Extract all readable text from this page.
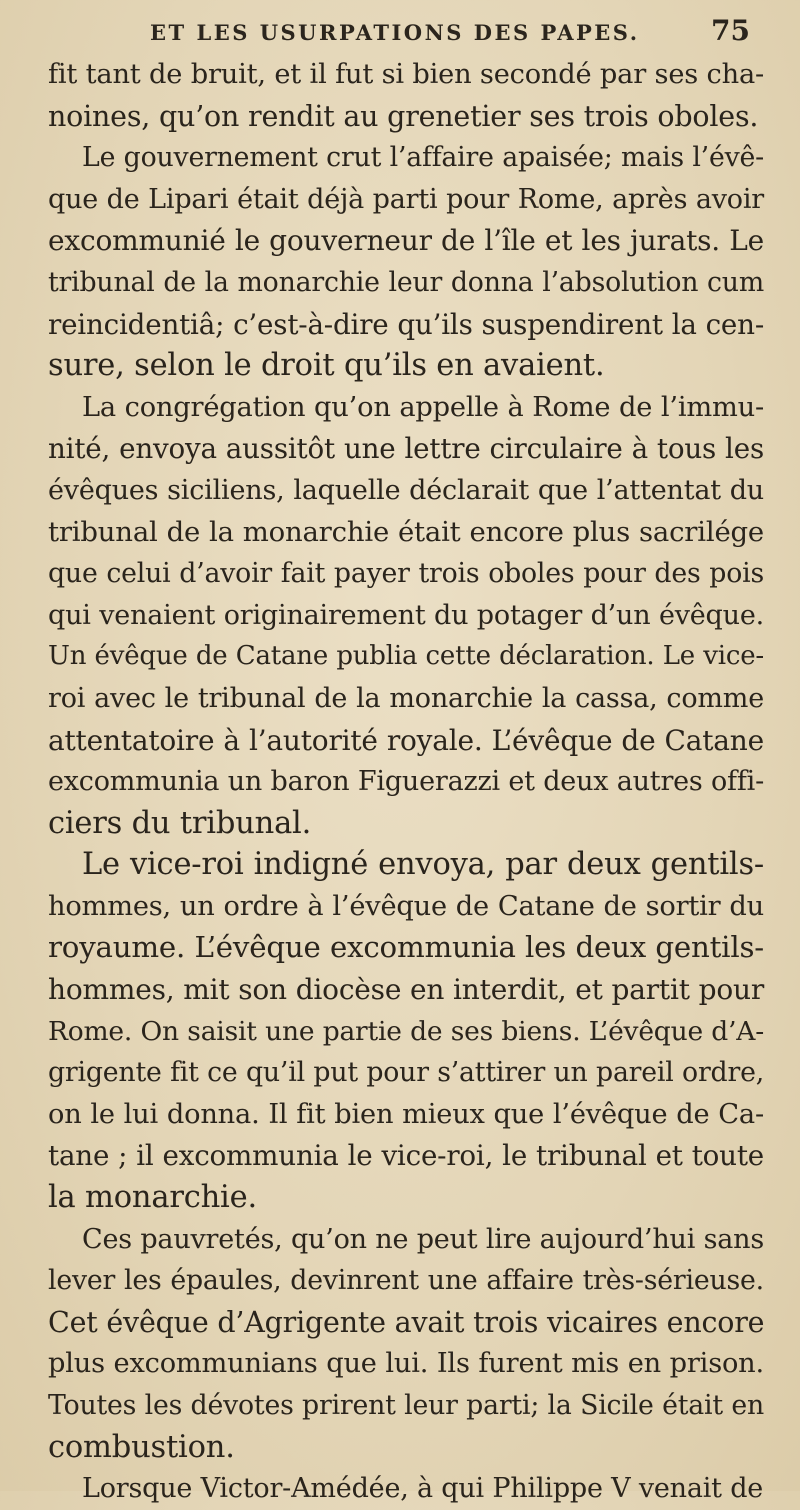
ET LES USURPATIONS DES PAPES.	75
fit tant de bruit, et il fut si bien secondé par ses cha-
noines, qu’on rendit au grenetier ses trois oboles.
Le gouvernement crut l’affaire apaisée; mais l’évê-
que de Lipari était déjà parti pour Rome, après avoir
excommunié le gouverneur de l’île et les jurats. Le
tribunal de la monarchie leur donna l’absolution cum
reincidentiâ; c’est-à-dire qu’ils suspendirent la cen-
sure, selon le droit qu’ils en avaient.
La congrégation qu’on appelle à Rome de l’immu-
nité, envoya aussitôt une lettre circulaire à tous les
évêques siciliens, laquelle déclarait que l’attentat du
tribunal de la monarchie était encore plus sacrilége
que celui d’avoir fait payer trois oboles pour des pois
qui venaient originairement du potager d’un évêque.
Un évêque de Catane publia cette déclaration. Le vice-
roi avec le tribunal de la monarchie la cassa, comme
attentatoire à l’autorité royale. L’évêque de Catane
excommunia un baron Figuerazzi et deux autres offi-
ciers du tribunal.
Le vice-roi indigné envoya, par deux gentils-
hommes, un ordre à l’évêque de Catane de sortir du
royaume. L’évêque excommunia les deux gentils-
hommes, mit son diocèse en interdit, et partit pour
Rome. On saisit une partie de ses biens. L’évêque d’A-
grigente fit ce qu’il put pour s’attirer un pareil ordre,
on le lui donna. Il fit bien mieux que l’évêque de Ca-
tane ; il excommunia le vice-roi, le tribunal et toute
la monarchie.
Ces pauvretés, qu’on ne peut lire aujourd’hui sans
lever les épaules, devinrent une affaire très-sérieuse.
Cet évêque d’Agrigente avait trois vicaires encore
plus excommunians que lui. Ils furent mis en prison.
Toutes les dévotes prirent leur parti; la Sicile était en
combustion.
Lorsque Victor-Amédée, à qui Philippe V venait de
